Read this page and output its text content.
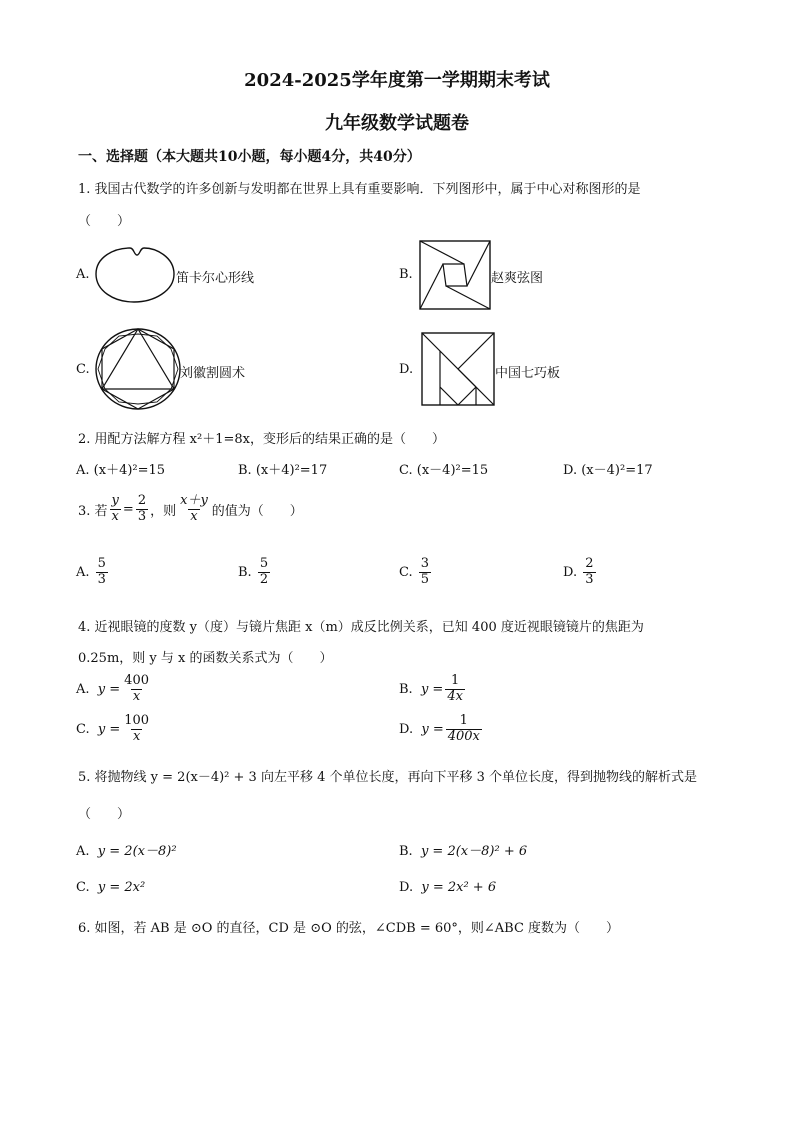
2024-2025学年度第一学期期末考试
九年级数学试题卷
一、选择题（本大题共10小题，每小题4分，共40分）
1. 我国古代数学的许多创新与发明都在世界上具有重要影响．下列图形中，属于中心对称图形的是
（　　）
A.	笛卡尔心形线	B.	赵爽弦图
C.	刘徽割圆术	D.	中国七巧板
2. 用配方法解方程 x²＋1=8x，变形后的结果正确的是（　　）
A. (x＋4)²=15	B. (x＋4)²=17	C. (x－4)²=15	D. (x－4)²=17
3. 若 $\frac{y}{x} = \frac{2}{3}$ ，则 $\frac{x+y}{x}$ 的值为（　　）
A.
$\frac{5}{3}$	B.
$\frac{5}{2}$	C.
$\frac{3}{5}$	D.
$\frac{2}{3}$
4. 近视眼镜的度数 y（度）与镜片焦距 x（m）成反比例关系，已知 400 度近视眼镜镜片的焦距为
0.25m，则 y 与 x 的函数关系式为（　　）
A.
$y = \frac{400}{x}$	B.
$y = \frac{1}{4x}$
C.
$y = \frac{100}{x}$	D.
$y = \frac{1}{400x}$
5. 将抛物线 y = 2(x－4)² + 3 向左平移 4 个单位长度，再向下平移 3 个单位长度，得到抛物线的解析式是
（　　）
A. y = 2(x－8)²	B. y = 2(x－8)² + 6
C. y = 2x²	D. y = 2x² + 6
6. 如图，若 AB 是 ⊙O 的直径，CD 是 ⊙O 的弦，∠CDB = 60°，则∠ABC 度数为（　　）
